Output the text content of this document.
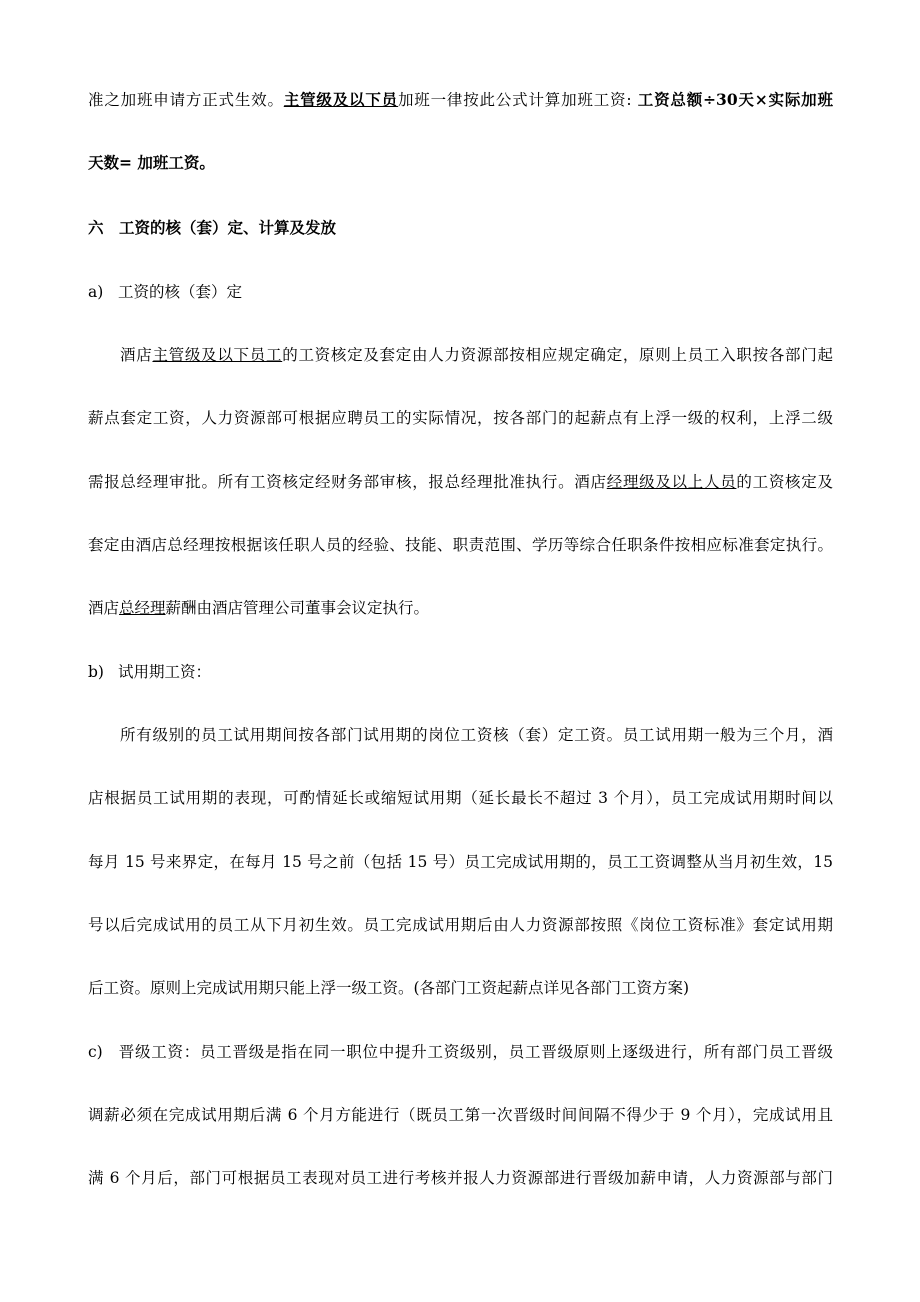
准之加班申请方正式生效。主管级及以下员加班一律按此公式计算加班工资: 工资总额÷30天×实际加班
天数= 加班工资。
六　工资的核（套）定、计算及发放
a) 工资的核（套）定
酒店主管级及以下员工的工资核定及套定由人力资源部按相应规定确定，原则上员工入职按各部门起
薪点套定工资，人力资源部可根据应聘员工的实际情况，按各部门的起薪点有上浮一级的权利，上浮二级
需报总经理审批。所有工资核定经财务部审核，报总经理批准执行。酒店经理级及以上人员的工资核定及
套定由酒店总经理按根据该任职人员的经验、技能、职责范围、学历等综合任职条件按相应标准套定执行。
酒店总经理薪酬由酒店管理公司董事会议定执行。
b) 试用期工资：
所有级别的员工试用期间按各部门试用期的岗位工资核（套）定工资。员工试用期一般为三个月，酒
店根据员工试用期的表现，可酌情延长或缩短试用期（延长最长不超过 3 个月），员工完成试用期时间以
每月 15 号来界定，在每月 15 号之前（包括 15 号）员工完成试用期的，员工工资调整从当月初生效，15
号以后完成试用的员工从下月初生效。员工完成试用期后由人力资源部按照《岗位工资标准》套定试用期
后工资。原则上完成试用期只能上浮一级工资。(各部门工资起薪点详见各部门工资方案)
c) 晋级工资：员工晋级是指在同一职位中提升工资级别，员工晋级原则上逐级进行，所有部门员工晋级
调薪必须在完成试用期后满 6 个月方能进行（既员工第一次晋级时间间隔不得少于 9 个月），完成试用且
满 6 个月后，部门可根据员工表现对员工进行考核并报人力资源部进行晋级加薪申请，人力资源部与部门
